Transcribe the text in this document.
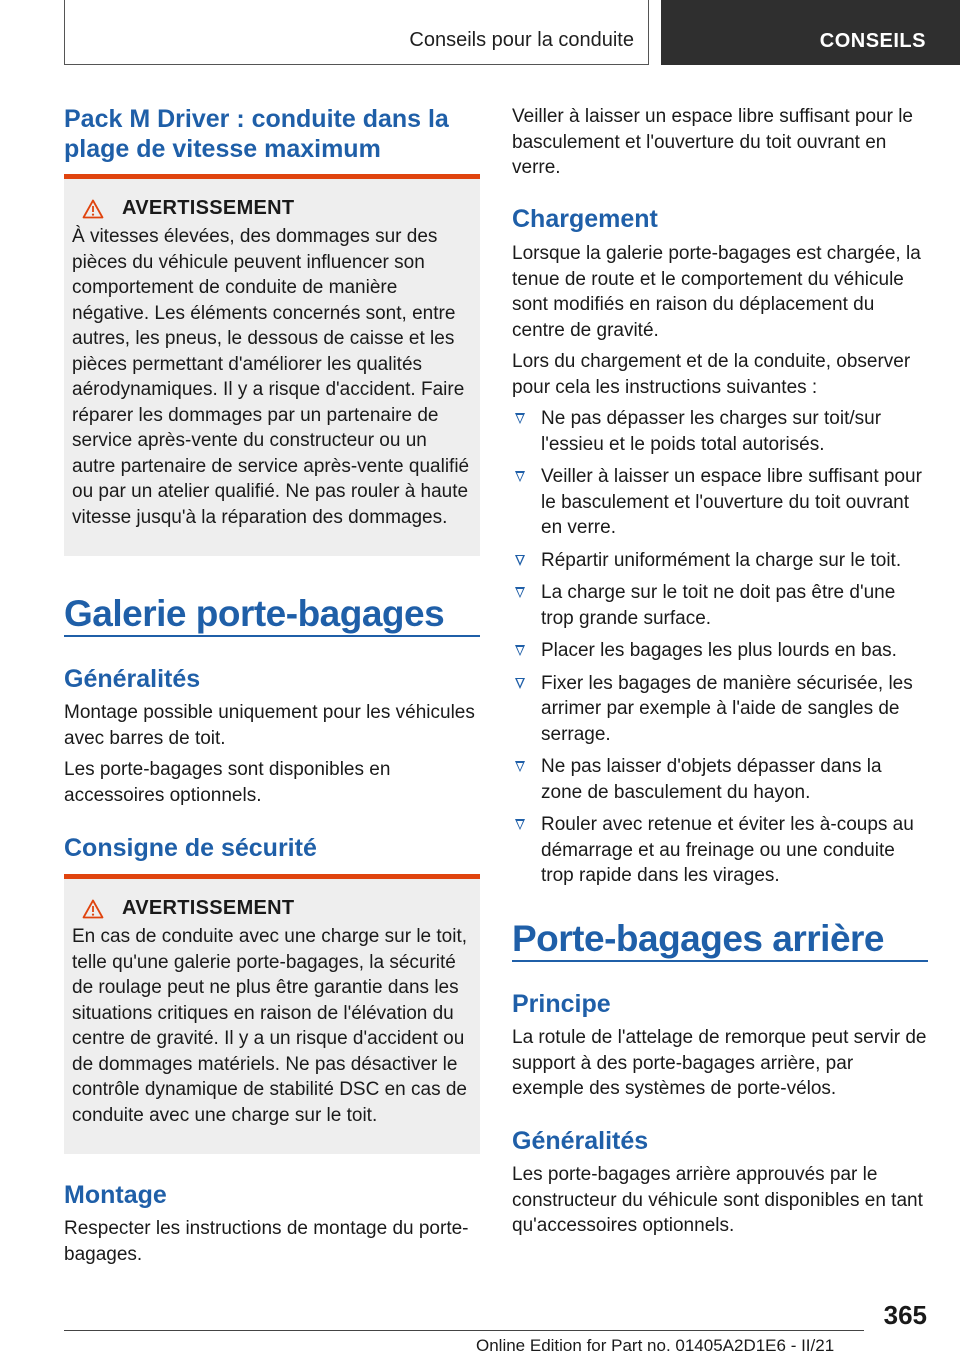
Conseils pour la conduite	CONSEILS
Pack M Driver : conduite dans la plage de vitesse maximum
AVERTISSEMENT

À vitesses élevées, des dommages sur des pièces du véhicule peuvent influencer son comportement de conduite de manière négative. Les éléments concernés sont, entre autres, les pneus, le dessous de caisse et les pièces permettant d'améliorer les qualités aérodynamiques. Il y a risque d'accident. Faire réparer les dommages par un partenaire de service après-vente du constructeur ou un autre partenaire de service après-vente qualifié ou par un atelier qualifié. Ne pas rouler à haute vitesse jusqu'à la réparation des dommages.

Galerie porte-bagages
Généralités

Montage possible uniquement pour les véhicules avec barres de toit.

Les porte-bagages sont disponibles en accessoires optionnels.

Consigne de sécurité
AVERTISSEMENT

En cas de conduite avec une charge sur le toit, telle qu'une galerie porte-bagages, la sécurité de roulage peut ne plus être garantie dans les situations critiques en raison de l'élévation du centre de gravité. Il y a un risque d'accident ou de dommages matériels. Ne pas désactiver le contrôle dynamique de stabilité DSC en cas de conduite avec une charge sur le toit.

Montage

Respecter les instructions de montage du porte-bagages.

Veiller à laisser un espace libre suffisant pour le basculement et l'ouverture du toit ouvrant en verre.

Chargement

Lorsque la galerie porte-bagages est chargée, la tenue de route et le comportement du véhicule sont modifiés en raison du déplacement du centre de gravité.

Lors du chargement et de la conduite, observer pour cela les instructions suivantes :

Ne pas dépasser les charges sur toit/sur l'essieu et le poids total autorisés.
Veiller à laisser un espace libre suffisant pour le basculement et l'ouverture du toit ouvrant en verre.
Répartir uniformément la charge sur le toit.
La charge sur le toit ne doit pas être d'une trop grande surface.
Placer les bagages les plus lourds en bas.
Fixer les bagages de manière sécurisée, les arrimer par exemple à l'aide de sangles de serrage.
Ne pas laisser d'objets dépasser dans la zone de basculement du hayon.
Rouler avec retenue et éviter les à-coups au démarrage et au freinage ou une conduite trop rapide dans les virages.
Porte-bagages arrière
Principe

La rotule de l'attelage de remorque peut servir de support à des porte-bagages arrière, par exemple des systèmes de porte-vélos.

Généralités

Les porte-bagages arrière approuvés par le constructeur du véhicule sont disponibles en tant qu'accessoires optionnels.

365
Online Edition for Part no. 01405A2D1E6 - II/21
